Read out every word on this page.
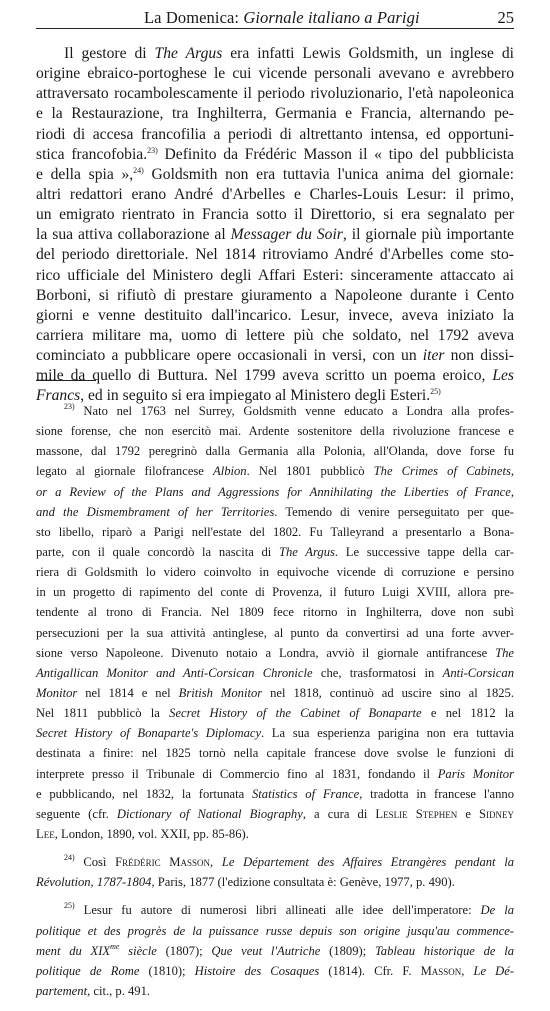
La Domenica: Giornale italiano a Parigi	25
Il gestore di The Argus era infatti Lewis Goldsmith, un inglese di
origine ebraico-portoghese le cui vicende personali avevano e avrebbero
attraversato rocambolescamente il periodo rivoluzionario, l'età napoleonica
e la Restaurazione, tra Inghilterra, Germania e Francia, alternando pe-
riodi di accesa francofilia a periodi di altrettanto intensa, ed opportuni-
stica francofobia.$^{23)}$ Definito da Frédéric Masson il « tipo del pubblicista
e della spia »,$^{24)}$ Goldsmith non era tuttavia l'unica anima del giornale:
altri redattori erano André d'Arbelles e Charles-Louis Lesur: il primo,
un emigrato rientrato in Francia sotto il Direttorio, si era segnalato per
la sua attiva collaborazione al Messager du Soir, il giornale più importante
del periodo direttoriale. Nel 1814 ritroviamo André d'Arbelles come sto-
rico ufficiale del Ministero degli Affari Esteri: sinceramente attaccato ai
Borboni, si rifiutò di prestare giuramento a Napoleone durante i Cento
giorni e venne destituito dall'incarico. Lesur, invece, aveva iniziato la
carriera militare ma, uomo di lettere più che soldato, nel 1792 aveva
cominciato a pubblicare opere occasionali in versi, con un iter non dissi-
mile da quello di Buttura. Nel 1799 aveva scritto un poema eroico, Les
Francs, ed in seguito si era impiegato al Ministero degli Esteri.$^{25)}$
$^{23)}$ Nato nel 1763 nel Surrey, Goldsmith venne educato a Londra alla profes-
sione forense, che non esercitò mai. Ardente sostenitore della rivoluzione francese e
massone, dal 1792 peregrinò dalla Germania alla Polonia, all'Olanda, dove forse fu
legato al giornale filofrancese Albion. Nel 1801 pubblicò The Crimes of Cabinets,
or a Review of the Plans and Aggressions for Annihilating the Liberties of France,
and the Dismembrament of her Territories. Temendo di venire perseguitato per que-
sto libello, riparò a Parigi nell'estate del 1802. Fu Talleyrand a presentarlo a Bona-
parte, con il quale concordò la nascita di The Argus. Le successive tappe della car-
riera di Goldsmith lo videro coinvolto in equivoche vicende di corruzione e persino
in un progetto di rapimento del conte di Provenza, il futuro Luigi XVIII, allora pre-
tendente al trono di Francia. Nel 1809 fece ritorno in Inghilterra, dove non subì
persecuzioni per la sua attività antinglese, al punto da convertirsi ad una forte avver-
sione verso Napoleone. Divenuto notaio a Londra, avviò il giornale antifrancese The
Antigallican Monitor and Anti-Corsican Chronicle che, trasformatosi in Anti-Corsican
Monitor nel 1814 e nel British Monitor nel 1818, continuò ad uscire sino al 1825.
Nel 1811 pubblicò la Secret History of the Cabinet of Bonaparte e nel 1812 la
Secret History of Bonaparte's Diplomacy. La sua esperienza parigina non era tuttavia
destinata a finire: nel 1825 tornò nella capitale francese dove svolse le funzioni di
interprete presso il Tribunale di Commercio fino al 1831, fondando il Paris Monitor
e pubblicando, nel 1832, la fortunata Statistics of France, tradotta in francese l'anno
seguente (cfr. Dictionary of National Biography, a cura di Leslie Stephen e Sidney
Lee, London, 1890, vol. XXII, pp. 85-86).
$^{24)}$ Così Frédéric Masson, Le Département des Affaires Etrangères pendant la
Révolution, 1787-1804, Paris, 1877 (l'edizione consultata è: Genève, 1977, p. 490).
$^{25)}$ Lesur fu autore di numerosi libri allineati alle idee dell'imperatore: De la
politique et des progrès de la puissance russe depuis son origine jusqu'au commence-
ment du $XIX^{me}$ siècle (1807); Que veut l'Autriche (1809); Tableau historique de la
politique de Rome (1810); Histoire des Cosaques (1814). Cfr. F. Masson, Le Dé-
partement, cit., p. 491.
